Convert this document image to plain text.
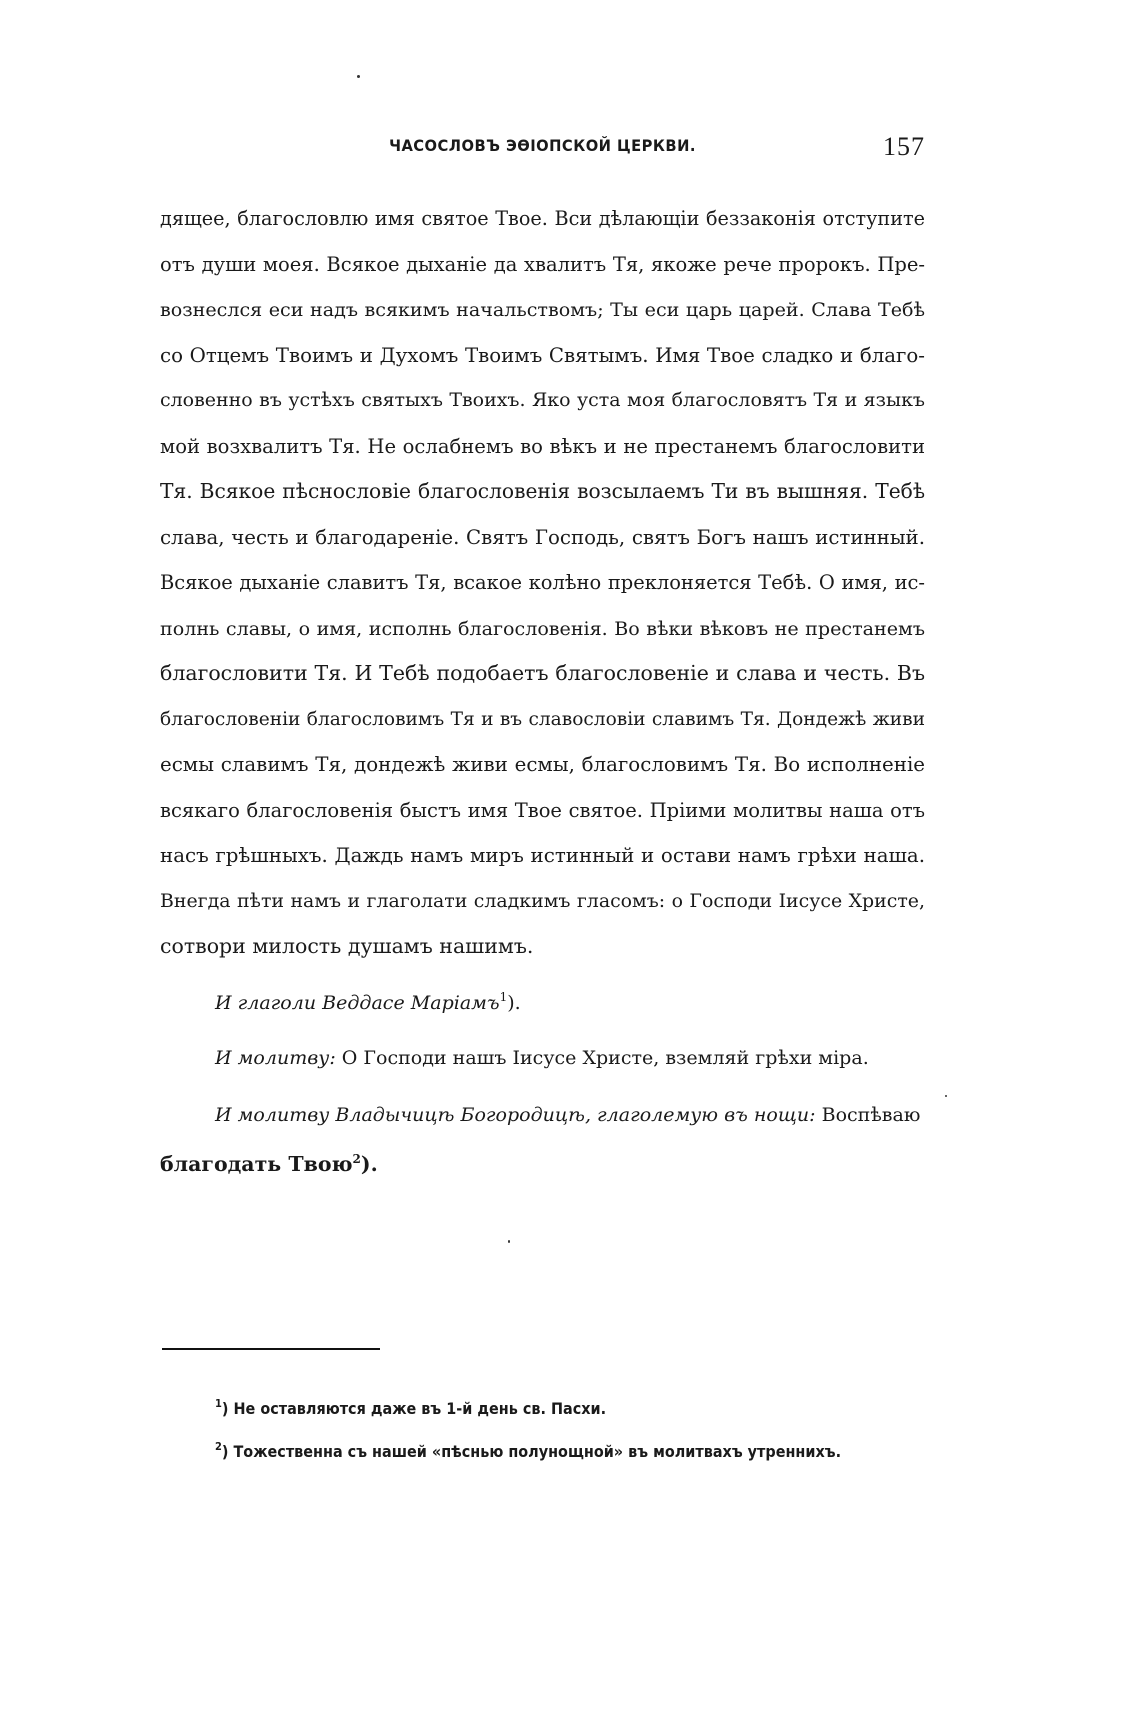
ЧАСОСЛОВЪ ЭѲІОПСКОЙ ЦЕРКВИ.	157
дящее, благословлю имя святое Твое. Вси дѣлающіи беззаконія отступите
отъ души моея. Всякое дыханіе да хвалитъ Тя, якоже рече пророкъ. Пре-
вознеслся еси надъ всякимъ начальствомъ; Ты еси царь царей. Слава Тебѣ
со Отцемъ Твоимъ и Духомъ Твоимъ Святымъ. Имя Твое сладко и благо-
словенно въ устѣхъ святыхъ Твоихъ. Яко уста моя благословятъ Тя и языкъ
мой возхвалитъ Тя. Не ослабнемъ во вѣкъ и не престанемъ благословити
Тя. Всякое пѣснословіе благословенія возсылаемъ Ти въ вышняя. Тебѣ
слава, честь и благодареніе. Святъ Господь, святъ Богъ нашъ истинный.
Всякое дыханіе славитъ Тя, всакое колѣно преклоняется Тебѣ. О имя, ис-
полнь славы, о имя, исполнь благословенія. Во вѣки вѣковъ не престанемъ
благословити Тя. И Тебѣ подобаетъ благословеніе и слава и честь. Въ
благословеніи благословимъ Тя и въ славословіи славимъ Тя. Дондежѣ живи
есмы славимъ Тя, дондежѣ живи есмы, благословимъ Тя. Во исполненіе
всякаго благословенія быстъ имя Твое святое. Пріими молитвы наша отъ
насъ грѣшныхъ. Даждь намъ миръ истинный и остави намъ грѣхи наша.
Внегда пѣти намъ и глаголати сладкимъ гласомъ: о Господи Іисусе Христе,
сотвори милость душамъ нашимъ.
И глаголи Веддасе Маріамъ$^1$).
И молитву: О Господи нашъ Іисусе Христе, вземляй грѣхи міра.
И молитву Владычицѣ Богородицѣ, глаголемую въ нощи: Воспѣваю
благодать Твою$^2$).
$^1$) Не оставляются даже въ 1-й день св. Пасхи.
$^2$) Тожественна съ нашей «пѣснью полунощной» въ молитвахъ утреннихъ.
